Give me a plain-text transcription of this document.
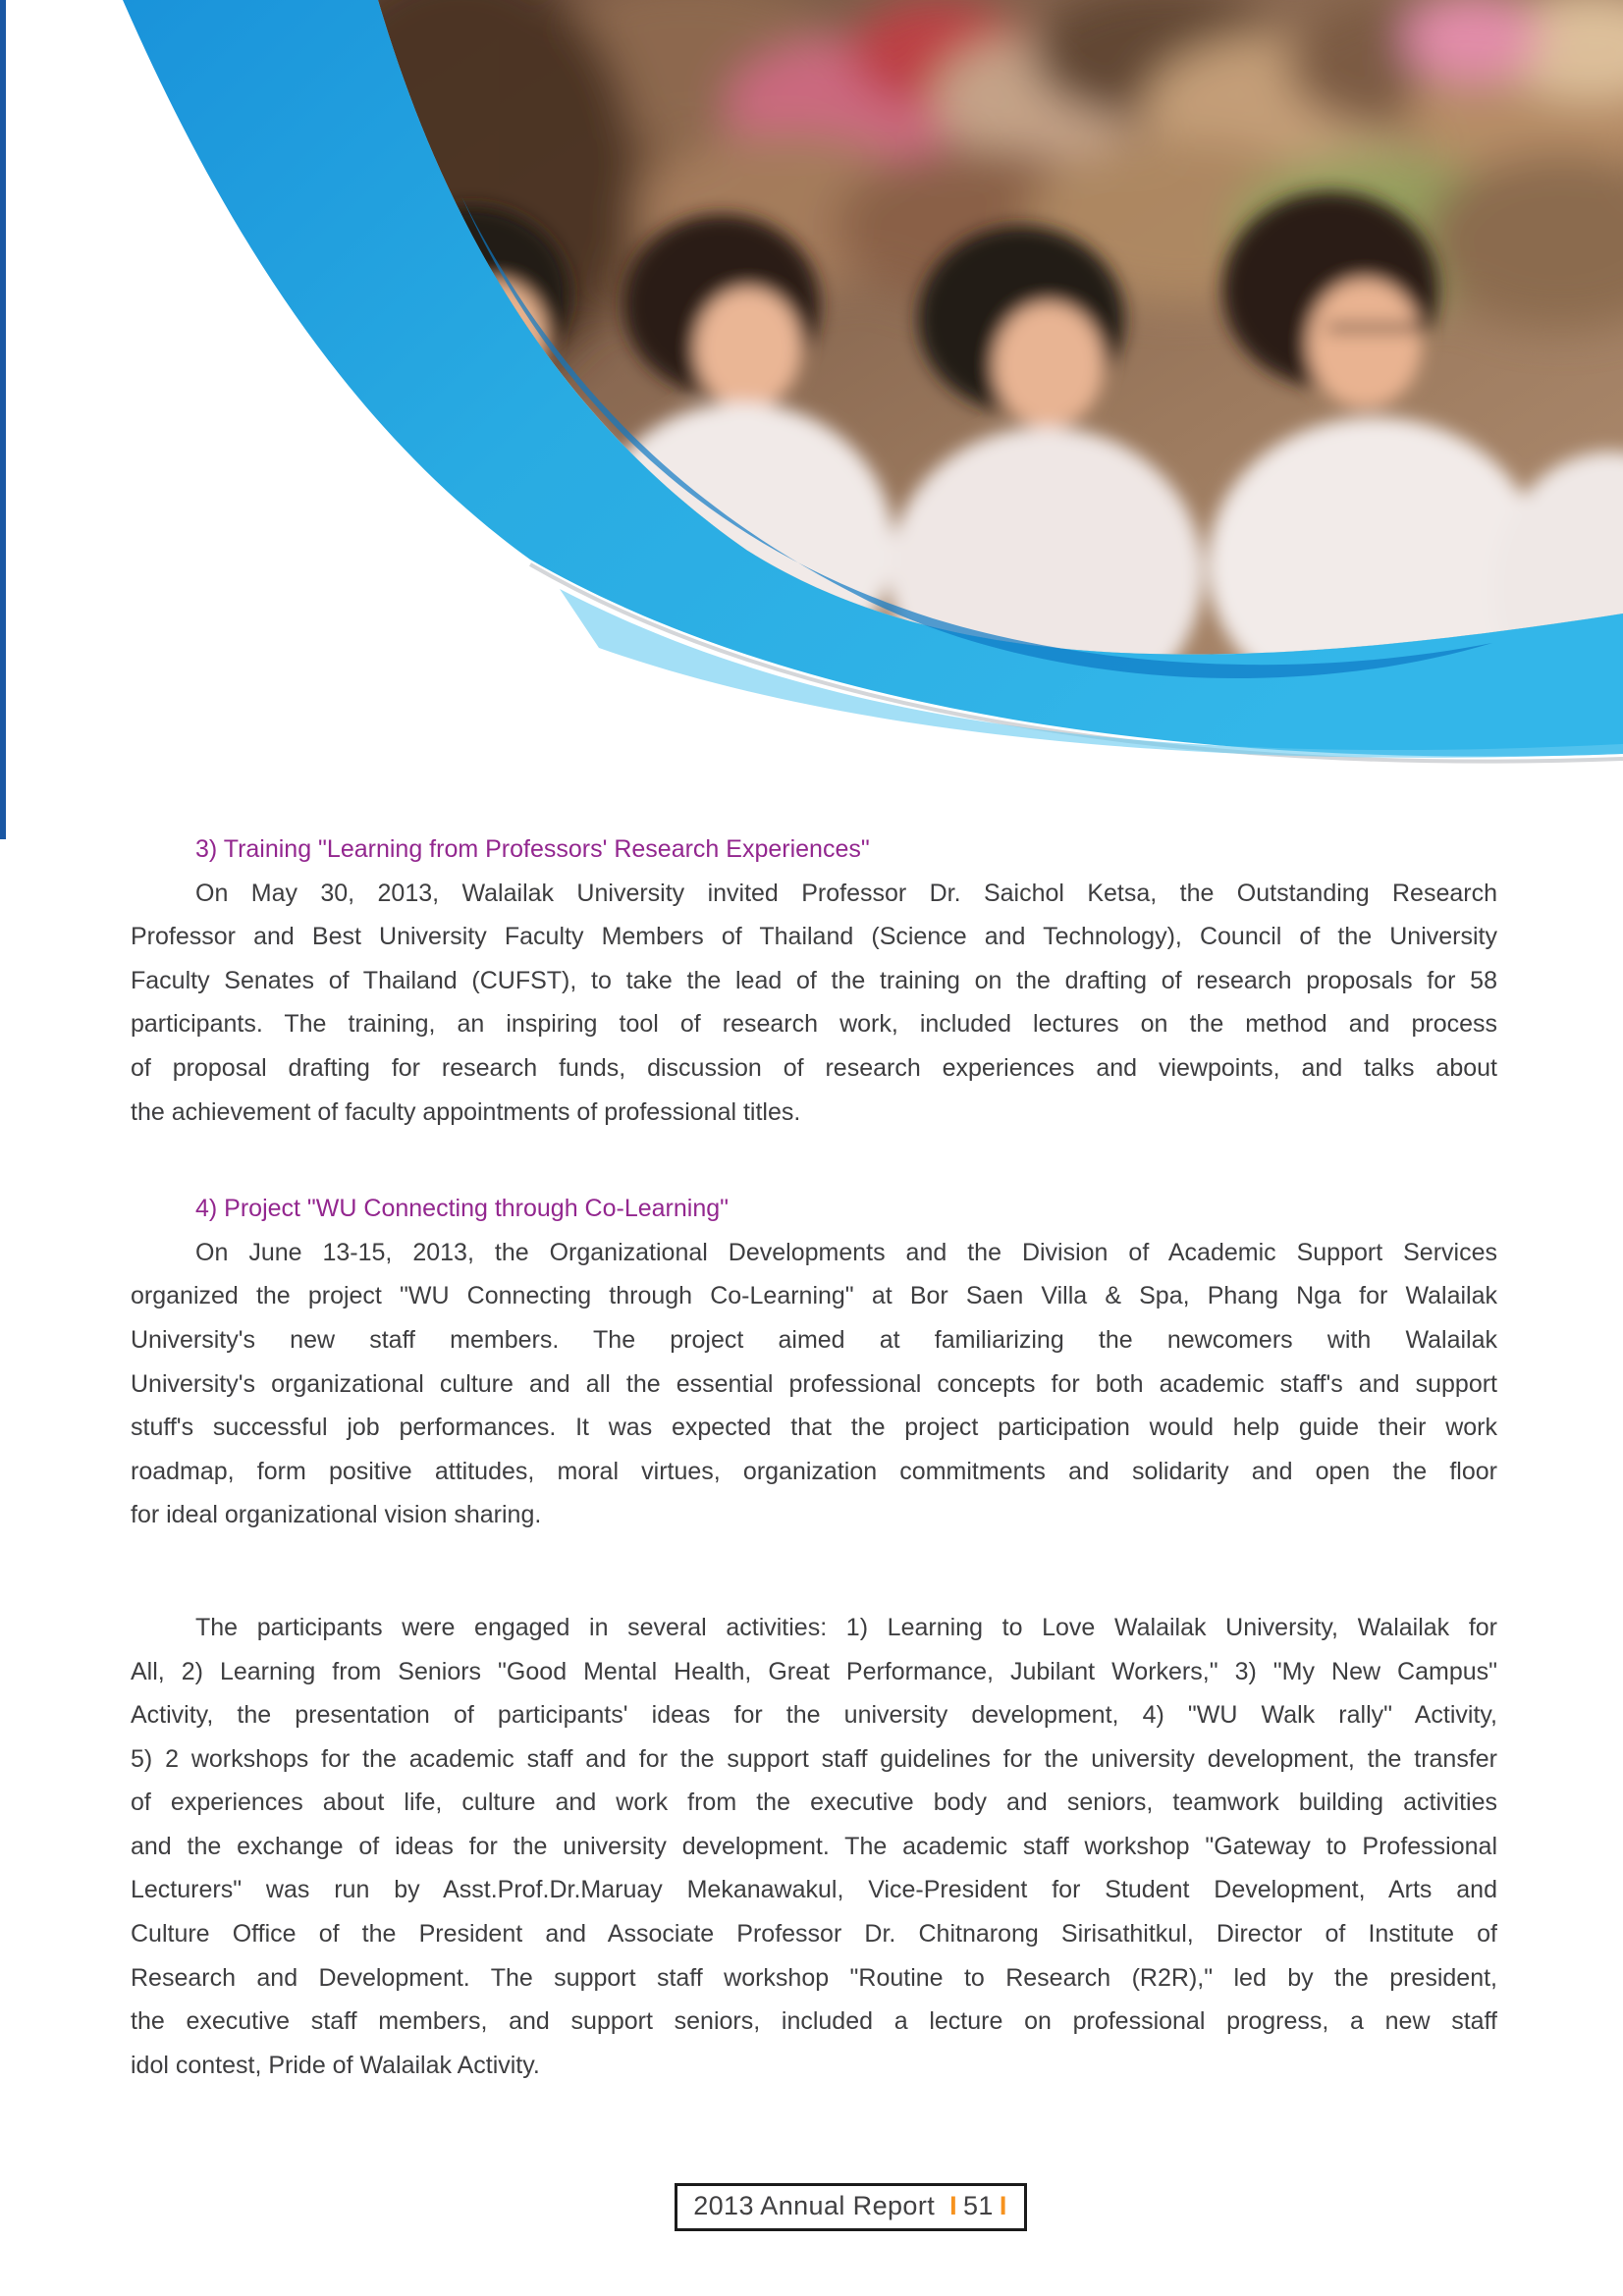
3) Training "Learning from Professors' Research Experiences"
On May 30, 2013, Walailak University invited Professor Dr. Saichol Ketsa, the Outstanding Research
Professor and Best University Faculty Members of Thailand (Science and Technology), Council of the University
Faculty Senates of Thailand (CUFST), to take the lead of the training on the drafting of research proposals for 58
participants. The training, an inspiring tool of research work, included lectures on the method and process
of proposal drafting for research funds, discussion of research experiences and viewpoints, and talks about
the achievement of faculty appointments of professional titles.
4) Project "WU Connecting through Co-Learning"
On June 13-15, 2013, the Organizational Developments and the Division of Academic Support Services
organized the project "WU Connecting through Co-Learning" at Bor Saen Villa & Spa, Phang Nga for Walailak
University's new staff members. The project aimed at familiarizing the newcomers with Walailak
University's organizational culture and all the essential professional concepts for both academic staff's and support
stuff's successful job performances. It was expected that the project participation would help guide their work
roadmap, form positive attitudes, moral virtues, organization commitments and solidarity and open the floor
for ideal organizational vision sharing.
The participants were engaged in several activities: 1) Learning to Love Walailak University, Walailak for
All, 2) Learning from Seniors "Good Mental Health, Great Performance, Jubilant Workers," 3) "My New Campus"
Activity, the presentation of participants' ideas for the university development, 4) "WU Walk rally" Activity,
5) 2 workshops for the academic staff and for the support staff guidelines for the university development, the transfer
of experiences about life, culture and work from the executive body and seniors, teamwork building activities
and the exchange of ideas for the university development. The academic staff workshop "Gateway to Professional
Lecturers" was run by Asst.Prof.Dr.Maruay Mekanawakul, Vice-President for Student Development, Arts and
Culture Office of the President and Associate Professor Dr. Chitnarong Sirisathitkul, Director of Institute of
Research and Development. The support staff workshop "Routine to Research (R2R)," led by the president,
the executive staff members, and support seniors, included a lecture on professional progress, a new staff
idol contest, Pride of Walailak Activity.
2013 Annual Report I 51 I
